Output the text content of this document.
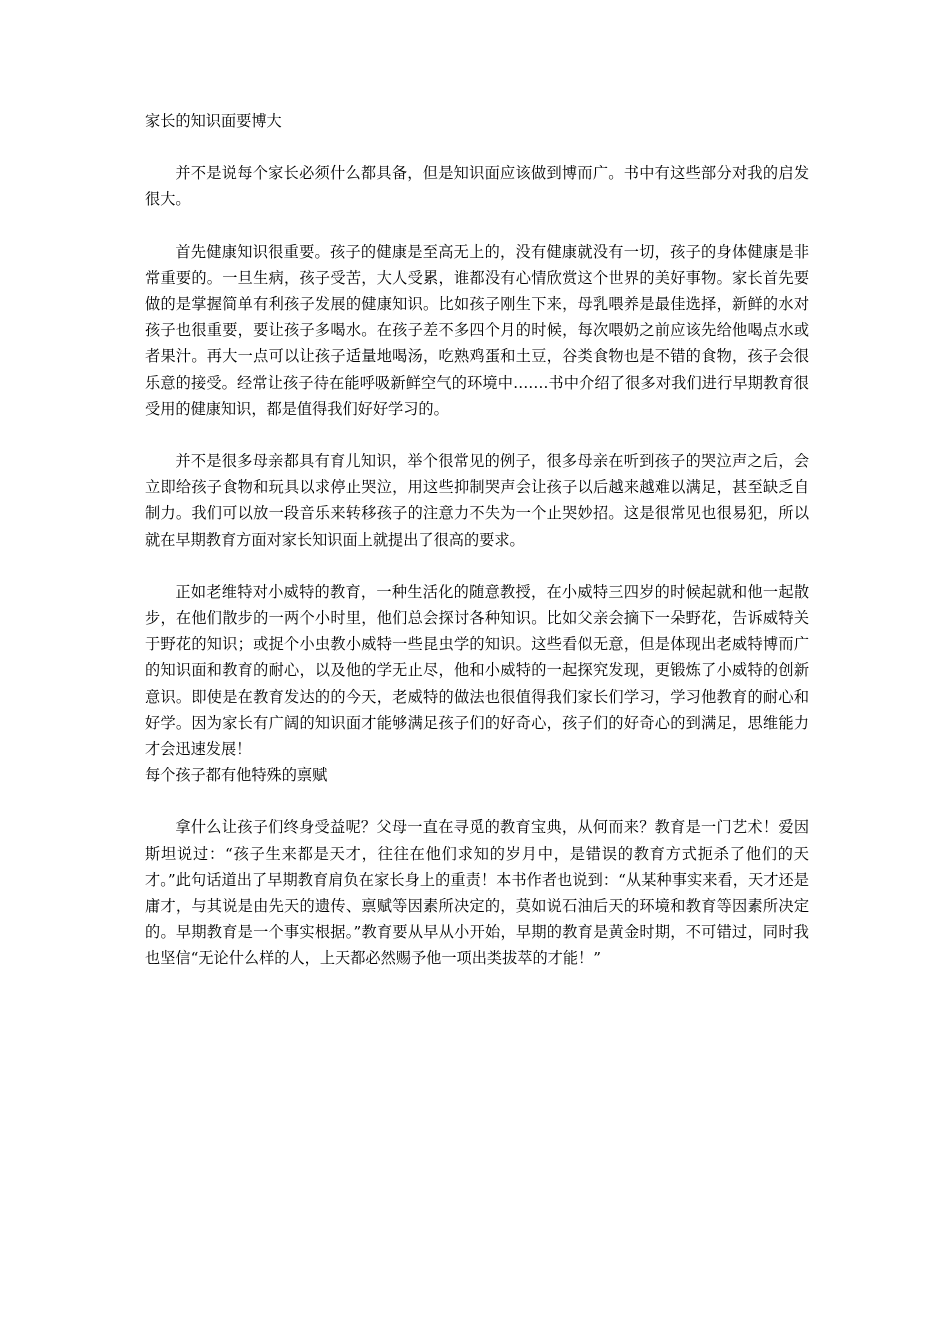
家长的知识面要博大

并不是说每个家长必须什么都具备，但是知识面应该做到博而广。书中有这些部分对我的启发很大。

首先健康知识很重要。孩子的健康是至高无上的，没有健康就没有一切，孩子的身体健康是非常重要的。一旦生病，孩子受苦，大人受累，谁都没有心情欣赏这个世界的美好事物。家长首先要做的是掌握简单有利孩子发展的健康知识。比如孩子刚生下来，母乳喂养是最佳选择，新鲜的水对孩子也很重要，要让孩子多喝水。在孩子差不多四个月的时候，每次喂奶之前应该先给他喝点水或者果汁。再大一点可以让孩子适量地喝汤，吃熟鸡蛋和土豆，谷类食物也是不错的食物，孩子会很乐意的接受。经常让孩子待在能呼吸新鲜空气的环境中…….书中介绍了很多对我们进行早期教育很受用的健康知识，都是值得我们好好学习的。

并不是很多母亲都具有育儿知识，举个很常见的例子，很多母亲在听到孩子的哭泣声之后，会立即给孩子食物和玩具以求停止哭泣，用这些抑制哭声会让孩子以后越来越难以满足，甚至缺乏自制力。我们可以放一段音乐来转移孩子的注意力不失为一个止哭妙招。这是很常见也很易犯，所以就在早期教育方面对家长知识面上就提出了很高的要求。

正如老维特对小威特的教育，一种生活化的随意教授，在小威特三四岁的时候起就和他一起散步，在他们散步的一两个小时里，他们总会探讨各种知识。比如父亲会摘下一朵野花，告诉威特关于野花的知识；或捉个小虫教小威特一些昆虫学的知识。这些看似无意，但是体现出老威特博而广的知识面和教育的耐心，以及他的学无止尽，他和小威特的一起探究发现，更锻炼了小威特的创新意识。即使是在教育发达的的今天，老威特的做法也很值得我们家长们学习，学习他教育的耐心和好学。因为家长有广阔的知识面才能够满足孩子们的好奇心，孩子们的好奇心的到满足，思维能力才会迅速发展！

每个孩子都有他特殊的禀赋

拿什么让孩子们终身受益呢？父母一直在寻觅的教育宝典，从何而来？教育是一门艺术！爱因斯坦说过：“孩子生来都是天才，往往在他们求知的岁月中，是错误的教育方式扼杀了他们的天才。”此句话道出了早期教育肩负在家长身上的重责！本书作者也说到：“从某种事实来看，天才还是庸才，与其说是由先天的遗传、禀赋等因素所决定的，莫如说石油后天的环境和教育等因素所决定的。早期教育是一个事实根据。”教育要从早从小开始，早期的教育是黄金时期，不可错过，同时我也坚信“无论什么样的人，上天都必然赐予他一项出类拔萃的才能！”
